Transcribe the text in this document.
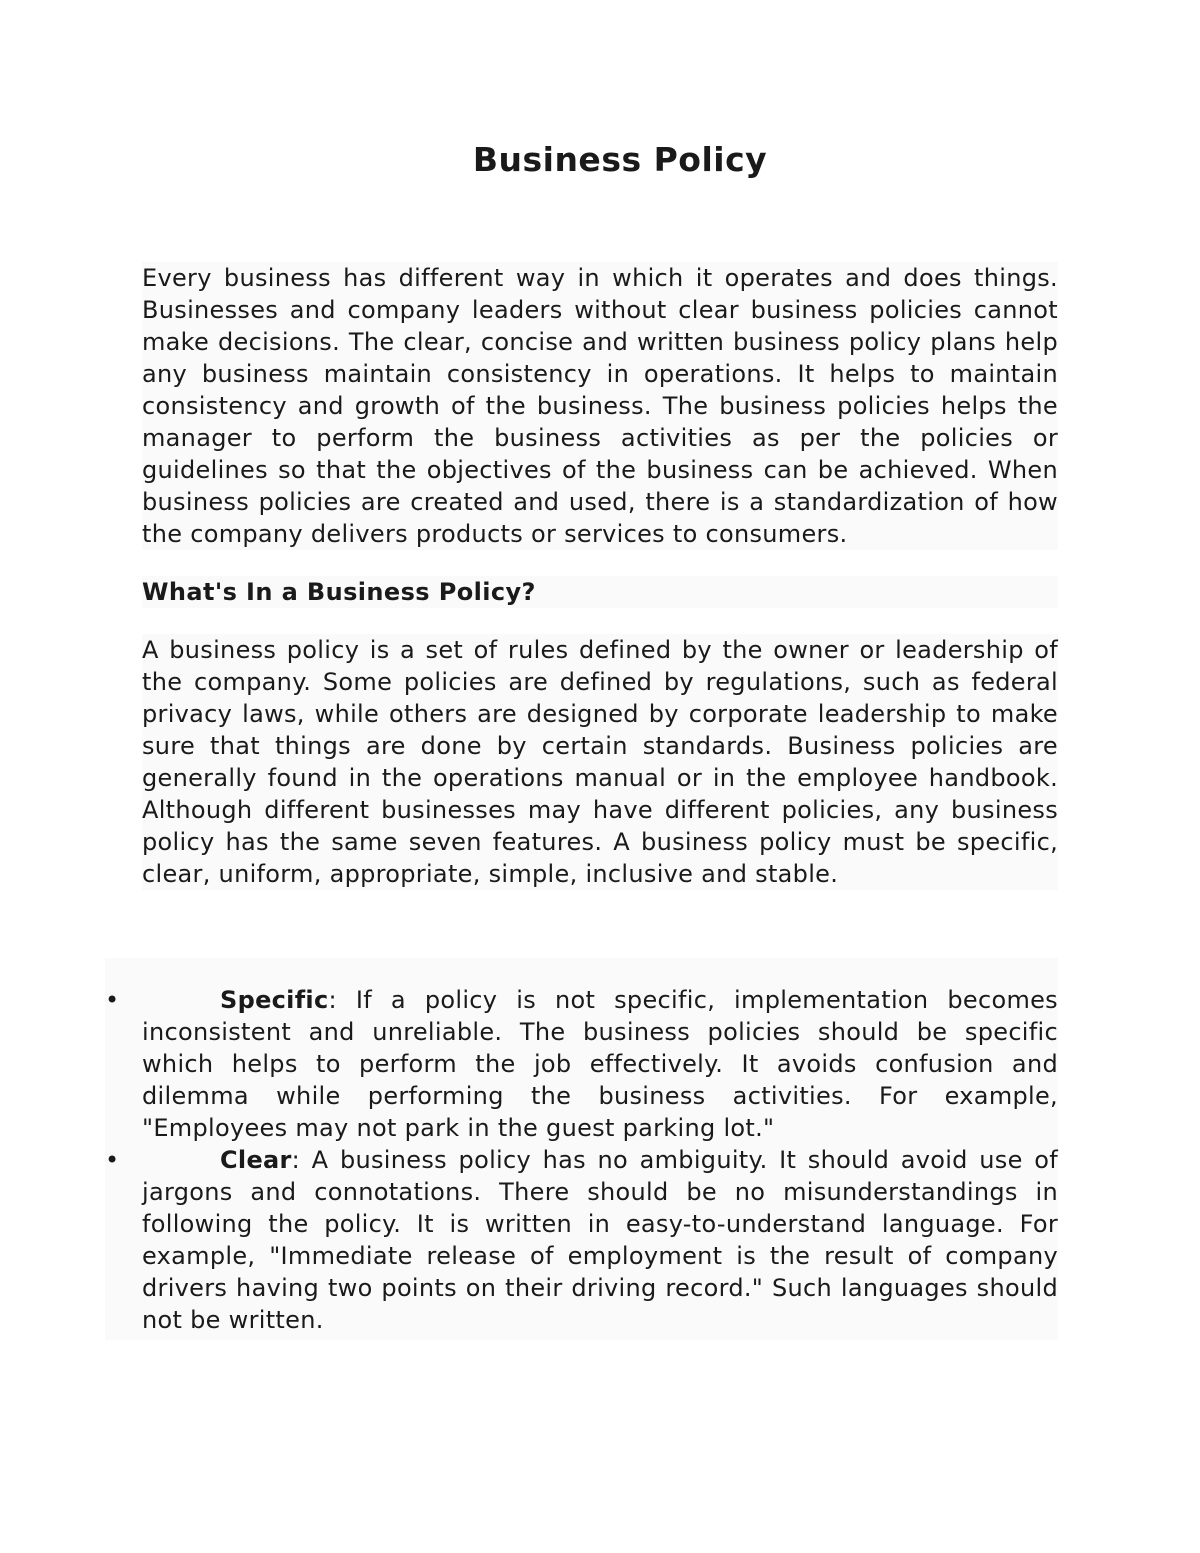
Business Policy

Every business has different way in which it operates and does things. Businesses and company leaders without clear business policies cannot make decisions. The clear, concise and written business policy plans help any business maintain consistency in operations. It helps to maintain consistency and growth of the business. The business policies helps the manager to perform the business activities as per the policies or guidelines so that the objectives of the business can be achieved. When business policies are created and used, there is a standardization of how the company delivers products or services to consumers.

What's In a Business Policy?

A business policy is a set of rules defined by the owner or leadership of the company. Some policies are defined by regulations, such as federal privacy laws, while others are designed by corporate leadership to make sure that things are done by certain standards. Business policies are generally found in the operations manual or in the employee handbook. Although different businesses may have different policies, any business policy has the same seven features. A business policy must be specific, clear, uniform, appropriate, simple, inclusive and stable.

•	Specific: If a policy is not specific, implementation becomes inconsistent and unreliable. The business policies should be specific which helps to perform the job effectively. It avoids confusion and dilemma while performing the business activities. For example, "Employees may not park in the guest parking lot."
•	Clear: A business policy has no ambiguity. It should avoid use of jargons and connotations. There should be no misunderstandings in following the policy. It is written in easy-to-understand language. For example, "Immediate release of employment is the result of company drivers having two points on their driving record." Such languages should not be written.
